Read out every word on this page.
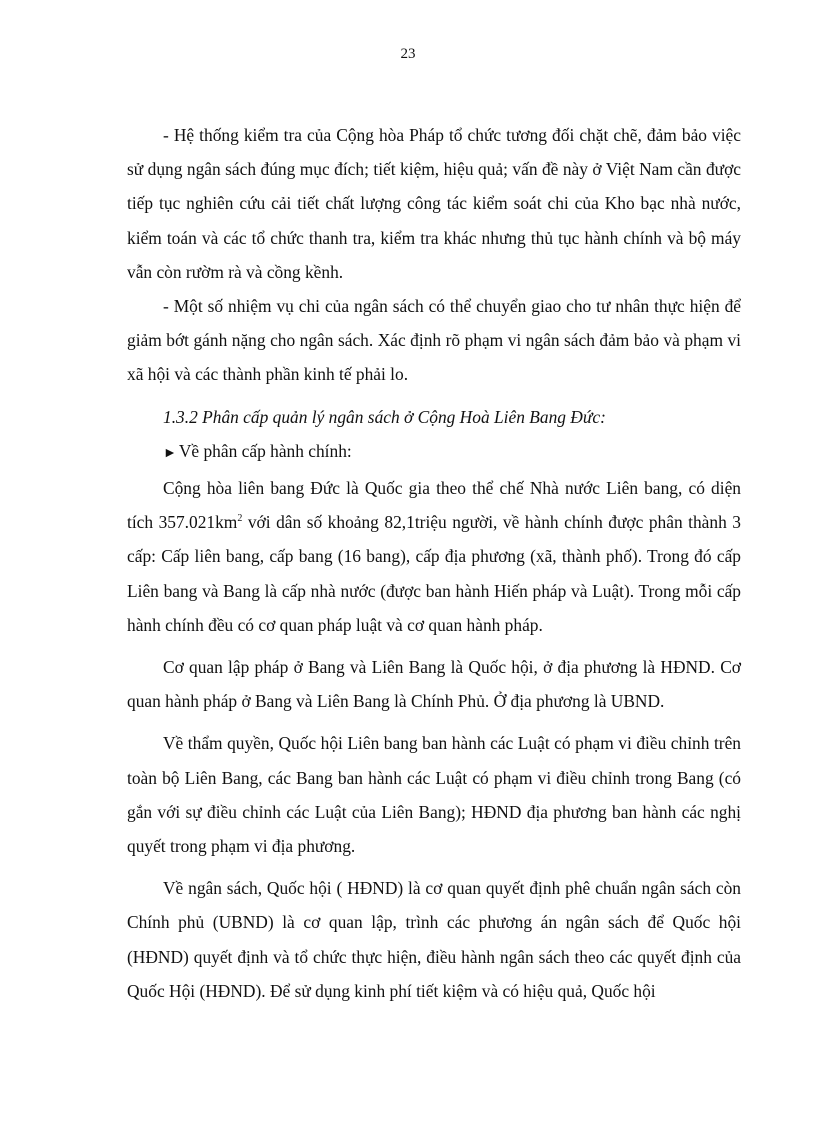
23

- Hệ thống kiểm tra của Cộng hòa Pháp tổ chức tương đối chặt chẽ, đảm bảo việc sử dụng ngân sách đúng mục đích; tiết kiệm, hiệu quả; vấn đề này ở Việt Nam cần được tiếp tục nghiên cứu cải tiết chất lượng công tác kiểm soát chi của Kho bạc nhà nước, kiểm toán và các tổ chức thanh tra, kiểm tra khác nhưng thủ tục hành chính và bộ máy vẫn còn rườm rà và cồng kềnh.

- Một số nhiệm vụ chi của ngân sách có thể chuyển giao cho tư nhân thực hiện để giảm bớt gánh nặng cho ngân sách. Xác định rõ phạm vi ngân sách đảm bảo và phạm vi xã hội và các thành phần kinh tế phải lo.

1.3.2 Phân cấp quản lý ngân sách ở Cộng Hoà Liên Bang Đức:

► Về phân cấp hành chính:

Cộng hòa liên bang Đức là Quốc gia theo thể chế Nhà nước Liên bang, có diện tích $357.021km^2$ với dân số khoảng 82,1triệu người, về hành chính được phân thành 3 cấp: Cấp liên bang, cấp bang (16 bang), cấp địa phương (xã, thành phố). Trong đó cấp Liên bang và Bang là cấp nhà nước (được ban hành Hiến pháp và Luật). Trong mỗi cấp hành chính đều có cơ quan pháp luật và cơ quan hành pháp.

Cơ quan lập pháp ở Bang và Liên Bang là Quốc hội, ở địa phương là HĐND. Cơ quan hành pháp ở Bang và Liên Bang là Chính Phủ. Ở địa phương là UBND.

Về thẩm quyền, Quốc hội Liên bang ban hành các Luật có phạm vi điều chỉnh trên toàn bộ Liên Bang, các Bang ban hành các Luật có phạm vi điều chỉnh trong Bang (có gắn với sự điều chỉnh các Luật của Liên Bang); HĐND địa phương ban hành các nghị quyết trong phạm vi địa phương.

Về ngân sách, Quốc hội ( HĐND) là cơ quan quyết định phê chuẩn ngân sách còn Chính phủ (UBND) là cơ quan lập, trình các phương án ngân sách để Quốc hội (HĐND) quyết định và tổ chức thực hiện, điều hành ngân sách theo các quyết định của Quốc Hội (HĐND). Để sử dụng kinh phí tiết kiệm và có hiệu quả, Quốc hội
